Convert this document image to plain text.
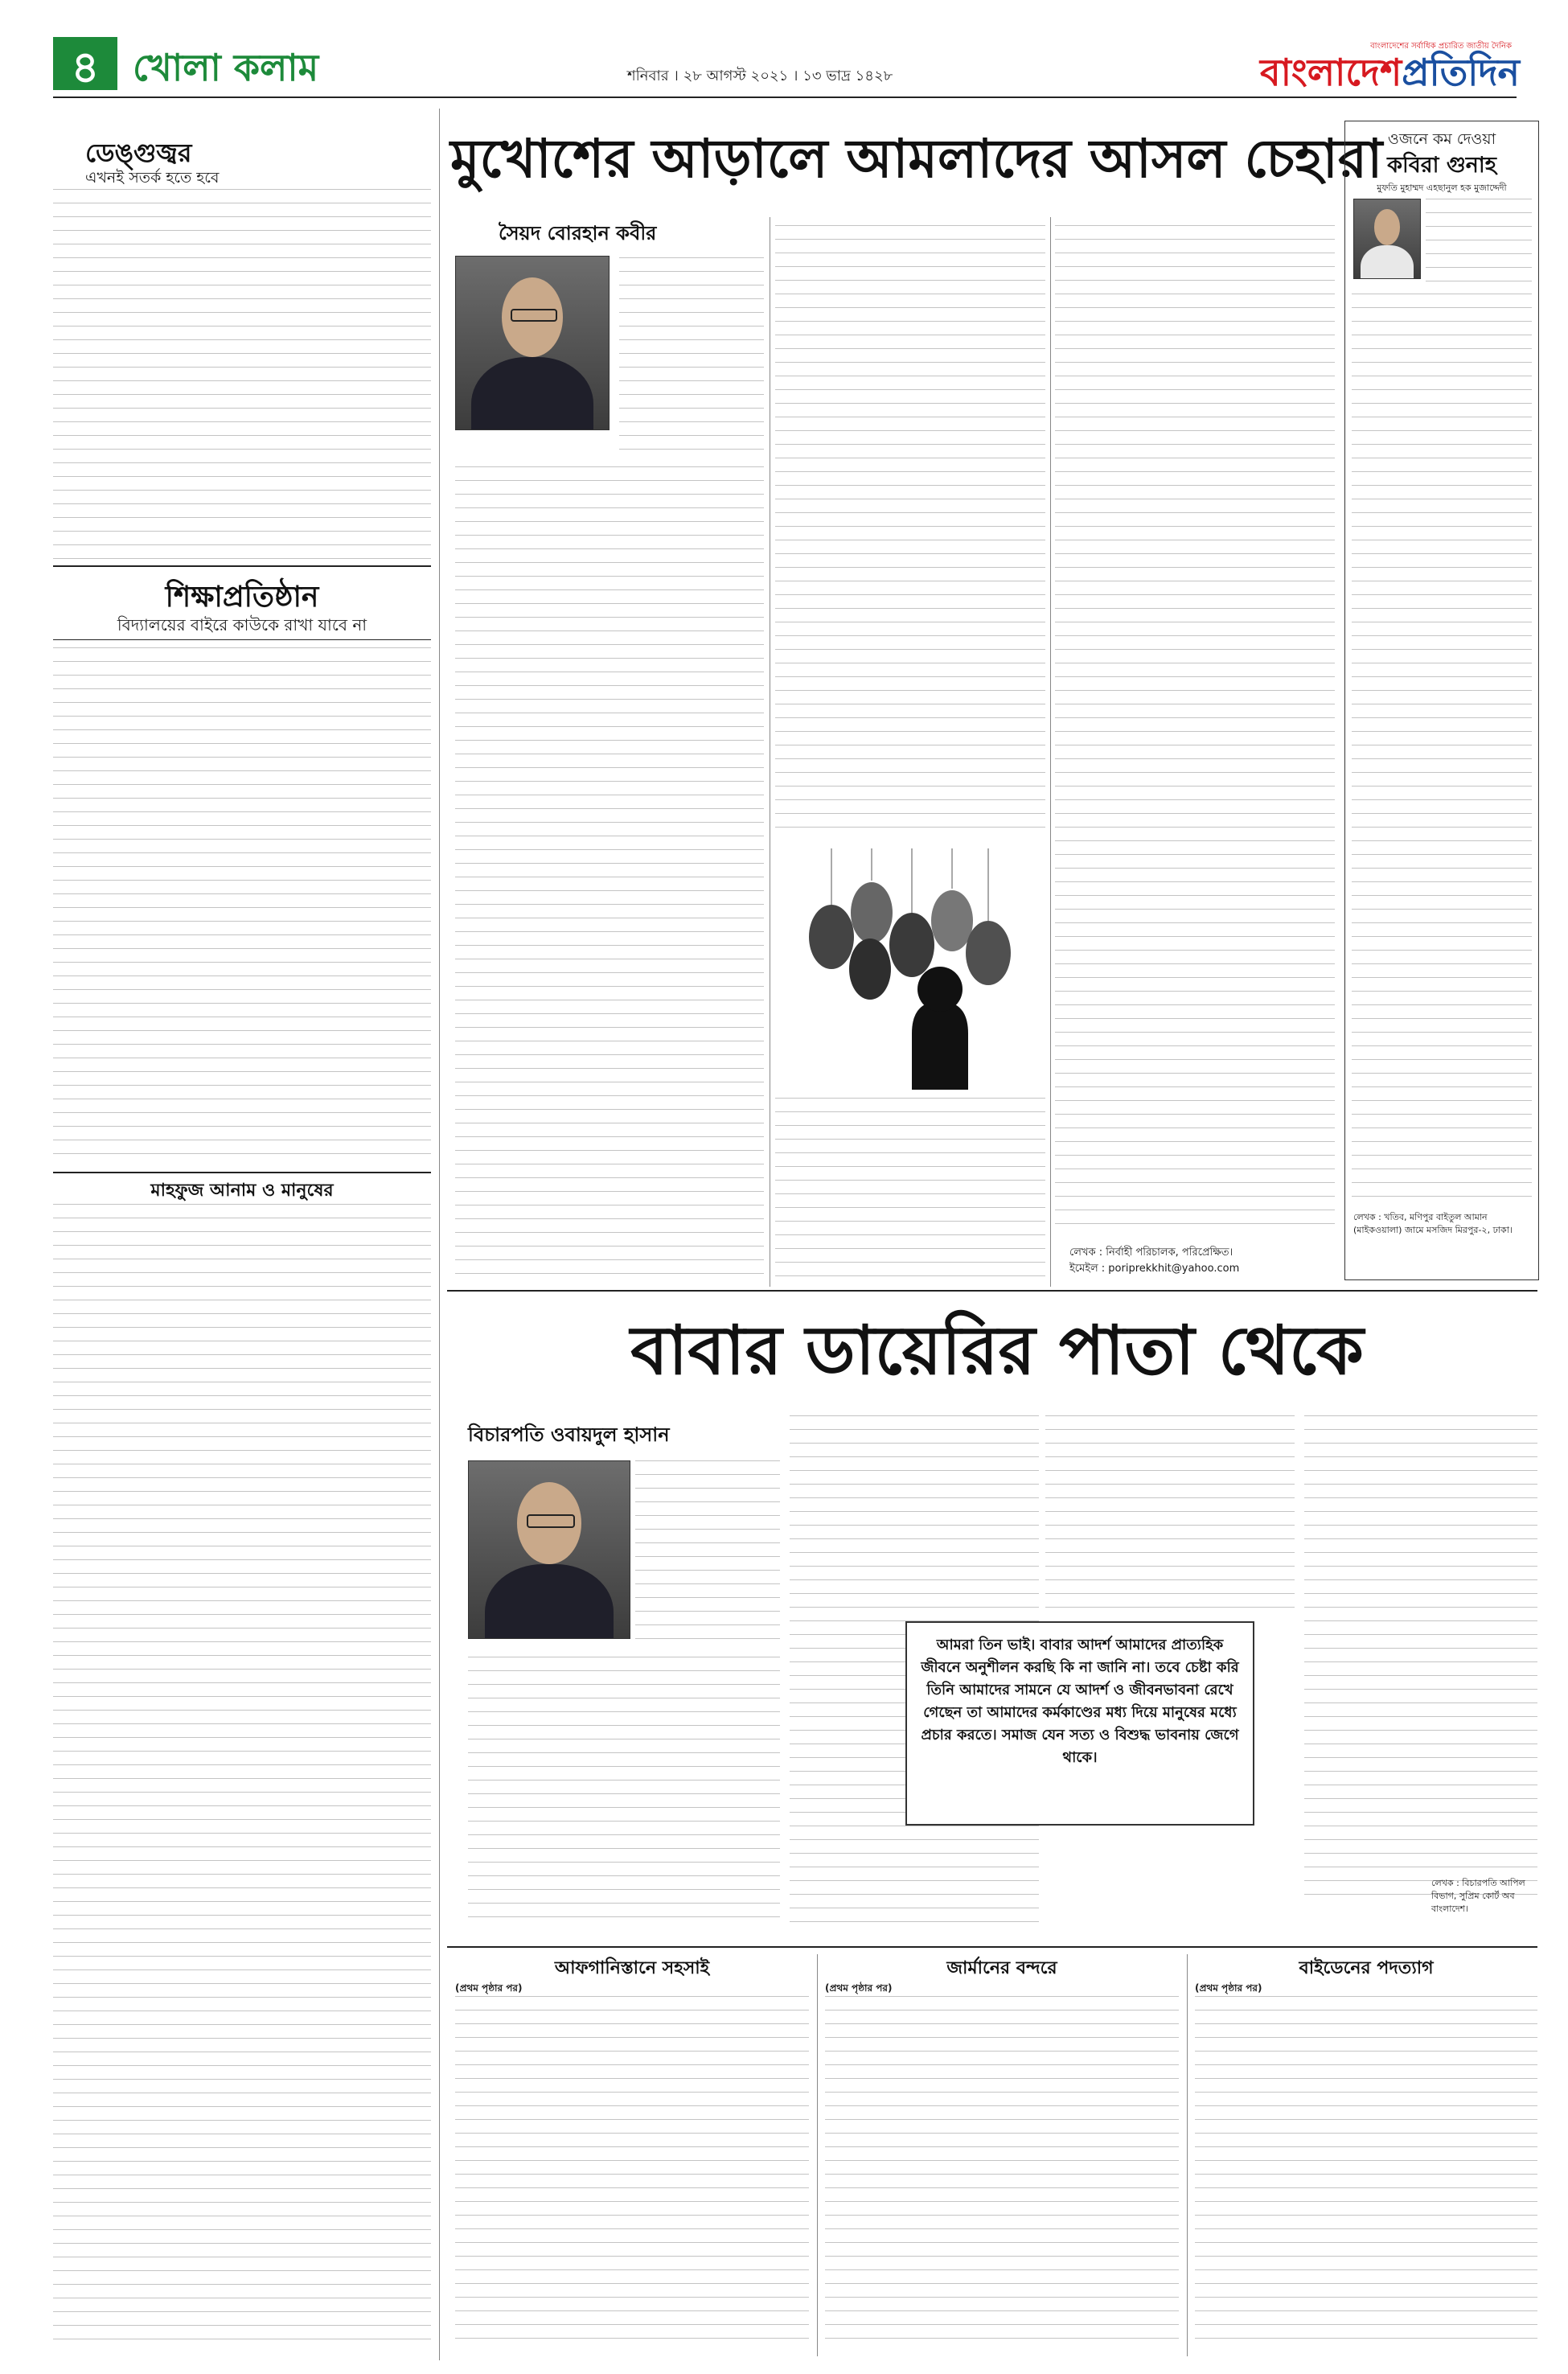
৪ খোলা কলাম	শনিবার । ২৮ আগস্ট ২০২১ । ১৩ ভাদ্র ১৪২৮
বাংলাদেশের সর্বাধিক প্রচারিত জাতীয় দৈনিক
বাংলাদেশপ্রতিদিন
ডেঙ্গুজ্বর
এখনই সতর্ক হতে হবে
শিক্ষাপ্রতিষ্ঠান
বিদ্যালয়ের বাইরে কাউকে রাখা যাবে না
মাহফুজ আনাম ও মানুষের
মুখোশের আড়ালে আমলাদের আসল চেহারা
সৈয়দ বোরহান কবীর
লেখক : নির্বাহী পরিচালক, পরিপ্রেক্ষিত।
ইমেইল : poriprekkhit@yahoo.com
ওজনে কম দেওয়া
কবিরা গুনাহ
মুফতি মুহাম্মদ এহছানুল হক মুজাদ্দেদী
লেখক : খতিব, মণিপুর বাইতুল আমান (মাইকওয়ালা) জামে মসজিদ মিরপুর-২, ঢাকা।
বাবার ডায়েরির পাতা থেকে
বিচারপতি ওবায়দুল হাসান
আমরা তিন ভাই। বাবার আদর্শ আমাদের প্রাত্যহিক জীবনে অনুশীলন করছি কি না জানি না। তবে চেষ্টা করি তিনি আমাদের সামনে যে আদর্শ ও জীবনভাবনা রেখে গেছেন তা আমাদের কর্মকাণ্ডের মধ্য দিয়ে মানুষের মধ্যে প্রচার করতে। সমাজ যেন সত্য ও বিশুদ্ধ ভাবনায় জেগে থাকে।
লেখক : বিচারপতি আপিল বিভাগ, সুপ্রিম কোর্ট অব বাংলাদেশ।
আফগানিস্তানে সহসাই
(প্রথম পৃষ্ঠার পর)
জার্মানের বন্দরে
(প্রথম পৃষ্ঠার পর)
বাইডেনের পদত্যাগ
(প্রথম পৃষ্ঠার পর)
